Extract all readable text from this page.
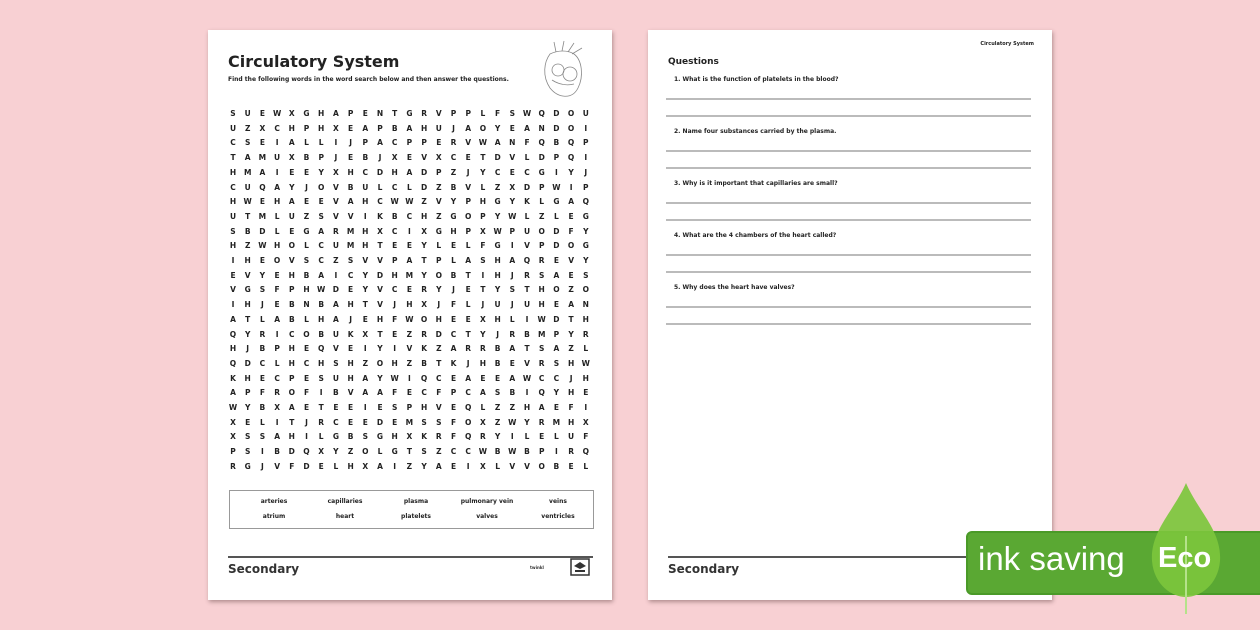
Circulatory System
Find the following words in the word search below and then answer the questions.
S	U	E	W	X	G	H	A	P	E	N	T	G	R	V	P	P	L	F	S	W Q	D	O	U
U	Z	X	C	H	P	H	X	E	A	P	B	A	H	U	J	A	O	Y	E	A	N	D	O	I
C	S	E	I	A	L	L	I	J	P	A	C	P	P	E	R	V	W	A	N	F	Q	B	Q	P
T	A	M	U	X	B	P	J	E	B	J	X	E	V	X	C	E	T	D	V	L	D	P	Q	I
H	M	A	I	E	E	Y	X	H	C	D	H	A	D	P	Z	J	Y	C	E	C	G	I	Y	J
C	U	Q	A	Y	J	O	V	B	U	L	C	L	D	Z	B	V	L	Z	X	D	P	W	I	P
H W	E	H	A	E	E	V	A	H	C	W W	Z	V	Y	P	H	G	Y	K	L	G	A	Q
U	T	M	L	U	Z	S	V	V	I	K	B	C	H	Z	G	O	P	Y	W	L	Z	L	E	G
S	B	D	L	E	G	A	R	M	H	X	C	I	X	G	H	P	X	W	P	U	O	D	F	Y
H	Z	W H	O	L	C	U	M	H	T	E	E	Y	L	E	L	F	G	I	V	P	D	O	G
I	H	E	O	V	S	C	Z	S	V	V	P	A	T	P	L	A	S	H	A	Q	R	E	V	Y
E	V	Y	E	H	B	A	I	C	Y	D	H	M	Y	O	B	T	I	H	J	R	S	A	E	S
V	G	S	F	P	H W D	E	Y	V	C	E	R	Y	J	E	T	Y	S	T	H	O	Z	O
I	H	J	E	B	N	B	A	H	T	V	J	H	X	J	F	L	J	U	J	U	H	E	A	N
A	T	L	A	B	L	H	A	J	E	H	F	W O	H	E	E	X	H	L	I	W D	T	H
Q	Y	R	I	C	O	B	U	K	X	T	E	Z	R	D	C	T	Y	J	R	B	M	P	Y	R
H	J	B	P	H	E	Q	V	E	I	Y	I	V	K	Z	A	R	R	B	A	T	S	A	Z	L
Q	D	C	L	H	C	H	S	H	Z	O	H	Z	B	T	K	J	H	B	E	V	R	S	H W
K	H	E	C	P	E	S	U	H	A	Y	W	I	Q	C	E	A	E	E	A	W	C	C	J	H
A	P	F	R	O	F	I	B	V	A	A	F	E	C	F	P	C	A	S	B	I	Q	Y	H	E
W	Y	B	X	A	E	T	E	E	I	E	S	P	H	V	E	Q	L	Z	Z	H	A	E	F	I
X	E	L	I	T	J	R	C	E	E	D	E	M	S	S	F	O	X	Z	W	Y	R	M	H	X
X	S	S	A	H	I	L	G	B	S	G	H	X	K	R	F	Q	R	Y	I	L	E	L	U	F
P	S	I	B	D	Q	X	Y	Z	O	L	G	T	S	Z	C	C	W	B	W	B	P	I	R	Q
R	G	J	V	F	D	E	L	H	X	A	I	Z	Y	A	E	I	X	L	V	V	O	B	E	L
arteries	capillaries	plasma	pulmonary vein	veins
atrium	heart	platelets	valves	ventricles
Secondary	twinkl
Circulatory System
Questions
1. What is the function of platelets in the blood?
2. Name four substances carried by the plasma.
3. Why is it important that capillaries are small?
4. What are the 4 chambers of the heart called?
5. Why does the heart have valves?
Secondary	ink saving Eco
